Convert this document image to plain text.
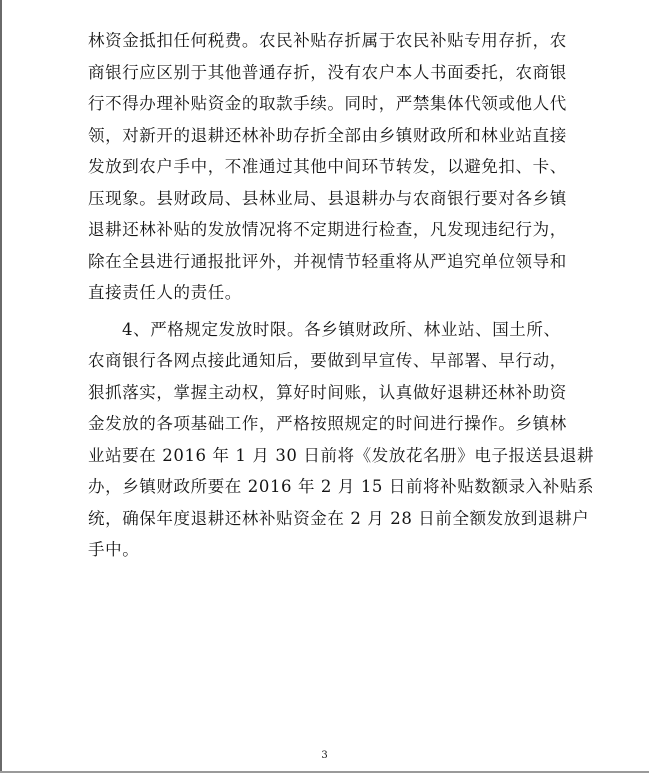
林资金抵扣任何税费。农民补贴存折属于农民补贴专用存折，农
商银行应区别于其他普通存折，没有农户本人书面委托，农商银
行不得办理补贴资金的取款手续。同时，严禁集体代领或他人代
领，对新开的退耕还林补助存折全部由乡镇财政所和林业站直接
发放到农户手中，不准通过其他中间环节转发，以避免扣、卡、
压现象。县财政局、县林业局、县退耕办与农商银行要对各乡镇
退耕还林补贴的发放情况将不定期进行检查，凡发现违纪行为，
除在全县进行通报批评外，并视情节轻重将从严追究单位领导和
直接责任人的责任。
4、严格规定发放时限。各乡镇财政所、林业站、国土所、
农商银行各网点接此通知后，要做到早宣传、早部署、早行动，
狠抓落实，掌握主动权，算好时间账，认真做好退耕还林补助资
金发放的各项基础工作，严格按照规定的时间进行操作。乡镇林
业站要在 2016 年 1 月 30 日前将《发放花名册》电子报送县退耕
办，乡镇财政所要在 2016 年 2 月 15 日前将补贴数额录入补贴系
统，确保年度退耕还林补贴资金在 2 月 28 日前全额发放到退耕户
手中。
3
